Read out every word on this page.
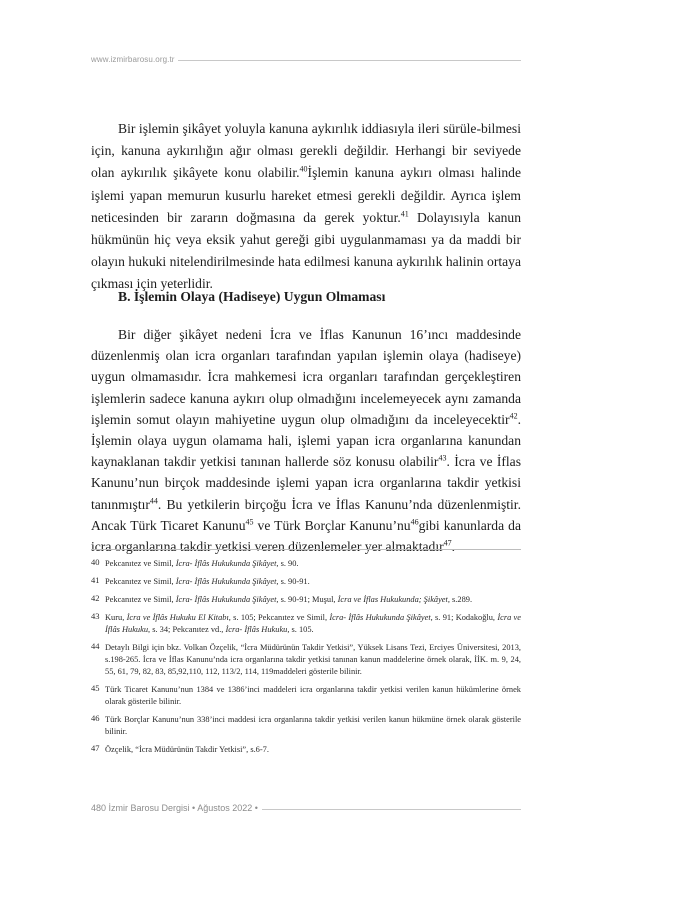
www.izmirbarosu.org.tr

Bir işlemin şikâyet yoluyla kanuna aykırılık iddiasıyla ileri sürüle-bilmesi için, kanuna aykırılığın ağır olması gerekli değildir. Herhangi bir seviyede olan aykırılık şikâyete konu olabilir.$^{40}$İşlemin kanuna aykırı olması halinde işlemi yapan memurun kusurlu hareket etmesi gerekli değildir. Ayrıca işlem neticesinden bir zararın doğmasına da gerek yoktur.$^{41}$ Dolayısıyla kanun hükmünün hiç veya eksik yahut gereği gibi uygulanmaması ya da maddi bir olayın hukuki nitelendirilmesinde hata edilmesi kanuna aykırılık halinin ortaya çıkması için yeterlidir.

B. İşlemin Olaya (Hadiseye) Uygun Olmaması

Bir diğer şikâyet nedeni İcra ve İflas Kanunun 16’ıncı maddesinde düzenlenmiş olan icra organları tarafından yapılan işlemin olaya (hadiseye) uygun olmamasıdır. İcra mahkemesi icra organları tarafından gerçekleştiren işlemlerin sadece kanuna aykırı olup olmadığını incelemeyecek aynı zamanda işlemin somut olayın mahiyetine uygun olup olmadığını da inceleyecektir$^{42}$. İşlemin olaya uygun olamama hali, işlemi yapan icra organlarına kanundan kaynaklanan takdir yetkisi tanınan hallerde söz konusu olabilir$^{43}$. İcra ve İflas Kanunu’nun birçok maddesinde işlemi yapan icra organlarına takdir yetkisi tanınmıştır$^{44}$. Bu yetkilerin birçoğu İcra ve İflas Kanunu’nda düzenlenmiştir. Ancak Türk Ticaret Kanunu$^{45}$ ve Türk Borçlar $Kanunu’nu^{46}gibi$ kanunlarda da icra organlarına takdir yetkisi veren düzenlemeler yer almaktadır$^{47}$.

40 Pekcanıtez ve Simil, İcra- İflâs Hukukunda Şikâyet, s. 90.
41 Pekcanıtez ve Simil, İcra- İflâs Hukukunda Şikâyet, s. 90-91.
42 Pekcanıtez ve Simil, İcra- İflâs Hukukunda Şikâyet, s. 90-91; Muşul, İcra ve İflas Hukukunda; Şikâyet, s.289.
43 Kuru, İcra ve İflâs Hukuku El Kitabı, s. 105; Pekcanıtez ve Simil, İcra- İflâs Hukukunda Şikâyet, s. 91; Kodakoğlu, İcra ve İflâs Hukuku, s. 34; Pekcanıtez vd., İcra- İflâs Hukuku, s. 105.
44 Detaylı Bilgi için bkz. Volkan Özçelik, “İcra Müdürünün Takdir Yetkisi”, Yüksek Lisans Tezi, Erciyes Üniversitesi, 2013, s.198-265. İcra ve İflas Kanunu’nda icra organlarına takdir yetkisi tanınan kanun maddelerine örnek olarak, İİK. m. 9, 24, 55, 61, 79, 82, 83, 85,92,110, 112, 113/2, 114, 119maddeleri gösterile bilinir.
45 Türk Ticaret Kanunu’nun 1384 ve 1386’inci maddeleri icra organlarına takdir yetkisi verilen kanun hükümlerine örnek olarak gösterile bilinir.
46 Türk Borçlar Kanunu’nun 338’inci maddesi icra organlarına takdir yetkisi verilen kanun hükmüne örnek olarak gösterile bilinir.
47 Özçelik, “İcra Müdürünün Takdir Yetkisi”, s.6-7.
480 İzmir Barosu Dergisi • Ağustos 2022 •
